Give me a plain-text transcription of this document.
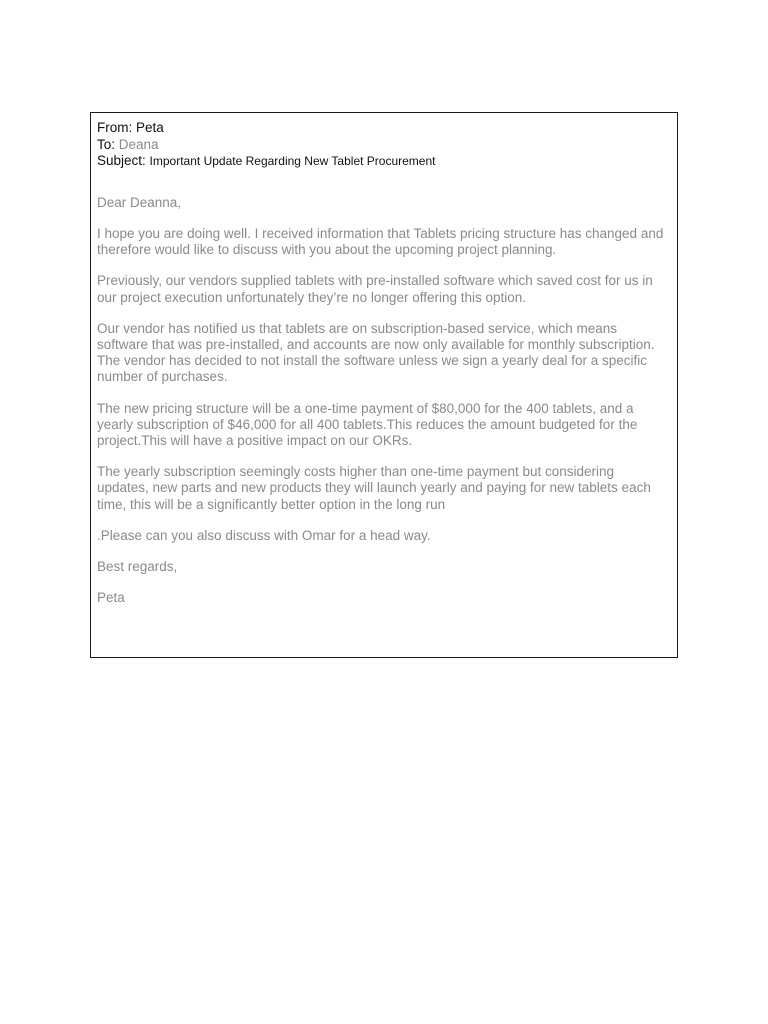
From: Peta
To: Deana
Subject: Important Update Regarding New Tablet Procurement
Dear Deanna,
I hope you are doing well. I received information that Tablets pricing structure has changed and therefore would like to discuss with you about the upcoming project planning.
Previously, our vendors supplied tablets with pre-installed software which saved cost for us in our project execution unfortunately they’re no longer offering this option.
Our vendor has notified us that tablets are on subscription-based service, which means software that was pre-installed, and accounts are now only available for monthly subscription. The vendor has decided to not install the software unless we sign a yearly deal for a specific number of purchases.
The new pricing structure will be a one-time payment of $80,000 for the 400 tablets, and a yearly subscription of $46,000 for all 400 tablets.This reduces the amount budgeted for the project.This will have a positive impact on our OKRs.
The yearly subscription seemingly costs higher than one-time payment but considering updates, new parts and new products they will launch yearly and paying for new tablets each time, this will be a significantly better option in the long run
.Please can you also discuss with Omar for a head way.
Best regards,
Peta
